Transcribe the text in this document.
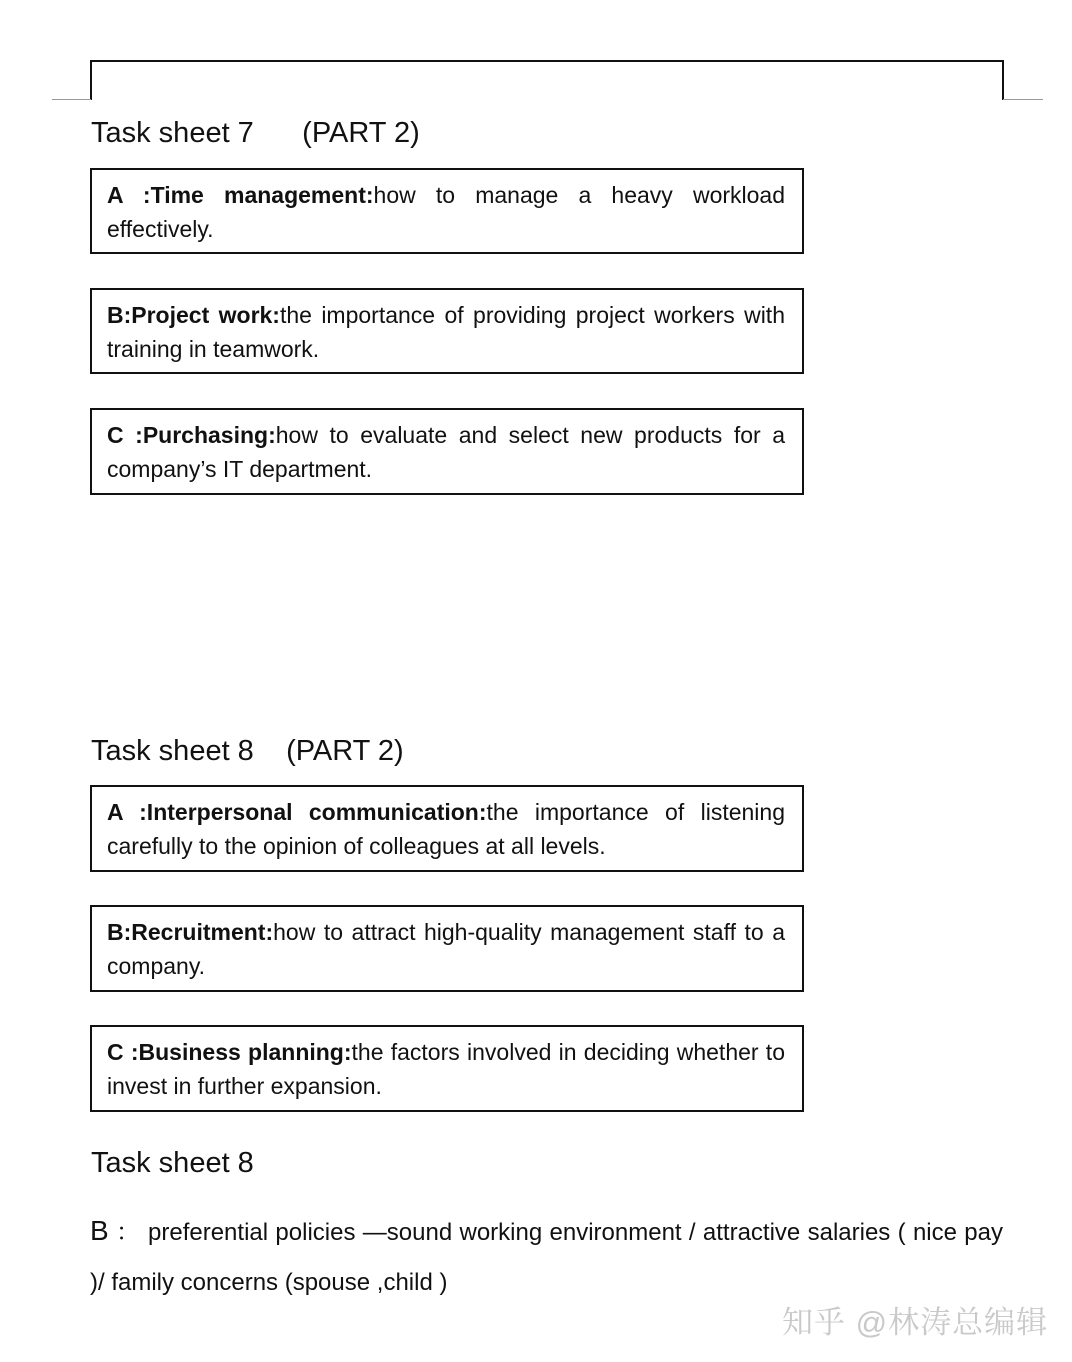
Task sheet 7 (PART 2)
A :Time management:how to manage a heavy workload effectively.
B:Project work:the importance of providing project workers with training in teamwork.
C :Purchasing:how to evaluate and select new products for a company’s IT department.
Task sheet 8 (PART 2)
A :Interpersonal communication:the importance of listening carefully to the opinion of colleagues at all levels.
B:Recruitment:how to attract high-quality management staff to a company.
C :Business planning:the factors involved in deciding whether to invest in further expansion.
Task sheet 8
B ： preferential policies —sound working environment / attractive salaries ( nice pay )/ family concerns (spouse ,child )
知乎 @林涛总编辑
